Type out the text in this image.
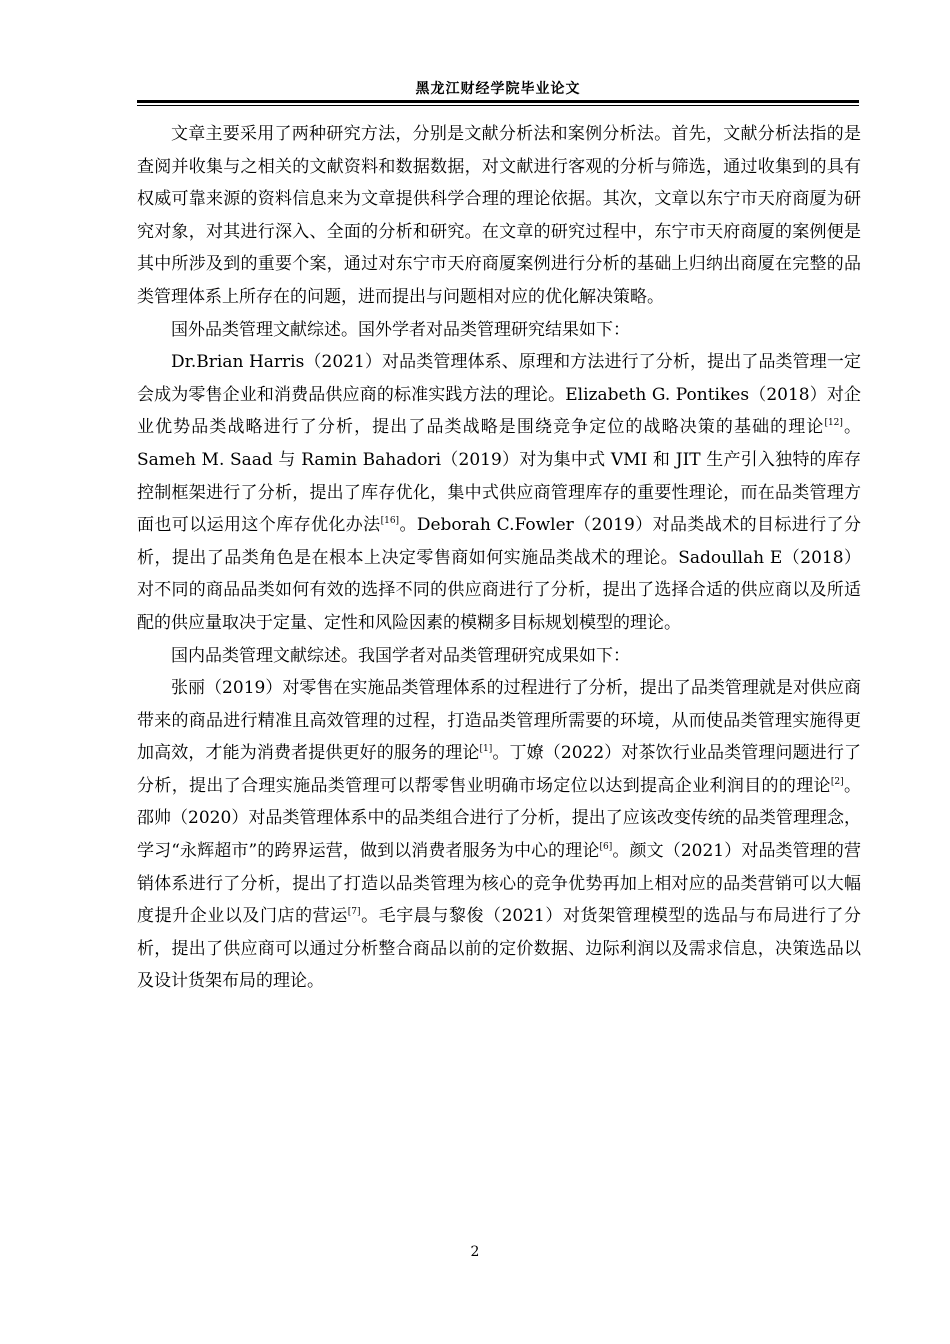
黑龙江财经学院毕业论文

文章主要采用了两种研究方法，分别是文献分析法和案例分析法。首先，文献分析法指的是查阅并收集与之相关的文献资料和数据数据，对文献进行客观的分析与筛选，通过收集到的具有权威可靠来源的资料信息来为文章提供科学合理的理论依据。其次，文章以东宁市天府商厦为研究对象，对其进行深入、全面的分析和研究。在文章的研究过程中，东宁市天府商厦的案例便是其中所涉及到的重要个案，通过对东宁市天府商厦案例进行分析的基础上归纳出商厦在完整的品类管理体系上所存在的问题，进而提出与问题相对应的优化解决策略。

国外品类管理文献综述。国外学者对品类管理研究结果如下：

Dr.Brian Harris（2021）对品类管理体系、原理和方法进行了分析，提出了品类管理一定会成为零售企业和消费品供应商的标准实践方法的理论。Elizabeth G. Pontikes（2018）对企业优势品类战略进行了分析，提出了品类战略是围绕竞争定位的战略决策的基础的理论[12]。Sameh M. Saad 与 Ramin Bahadori（2019）对为集中式 VMI 和 JIT 生产引入独特的库存控制框架进行了分析，提出了库存优化，集中式供应商管理库存的重要性理论，而在品类管理方面也可以运用这个库存优化办法[16]。Deborah C.Fowler（2019）对品类战术的目标进行了分析，提出了品类角色是在根本上决定零售商如何实施品类战术的理论。Sadoullah E（2018）对不同的商品品类如何有效的选择不同的供应商进行了分析，提出了选择合适的供应商以及所适配的供应量取决于定量、定性和风险因素的模糊多目标规划模型的理论。

国内品类管理文献综述。我国学者对品类管理研究成果如下：

张丽（2019）对零售在实施品类管理体系的过程进行了分析，提出了品类管理就是对供应商带来的商品进行精准且高效管理的过程，打造品类管理所需要的环境，从而使品类管理实施得更加高效，才能为消费者提供更好的服务的理论[1]。丁嫽（2022）对茶饮行业品类管理问题进行了分析，提出了合理实施品类管理可以帮零售业明确市场定位以达到提高企业利润目的的理论[2]。邵帅（2020）对品类管理体系中的品类组合进行了分析，提出了应该改变传统的品类管理理念，学习“永辉超市”的跨界运营，做到以消费者服务为中心的理论[6]。颜文（2021）对品类管理的营销体系进行了分析，提出了打造以品类管理为核心的竞争优势再加上相对应的品类营销可以大幅度提升企业以及门店的营运[7]。毛宇晨与黎俊（2021）对货架管理模型的选品与布局进行了分析，提出了供应商可以通过分析整合商品以前的定价数据、边际利润以及需求信息，决策选品以及设计货架布局的理论。

2
